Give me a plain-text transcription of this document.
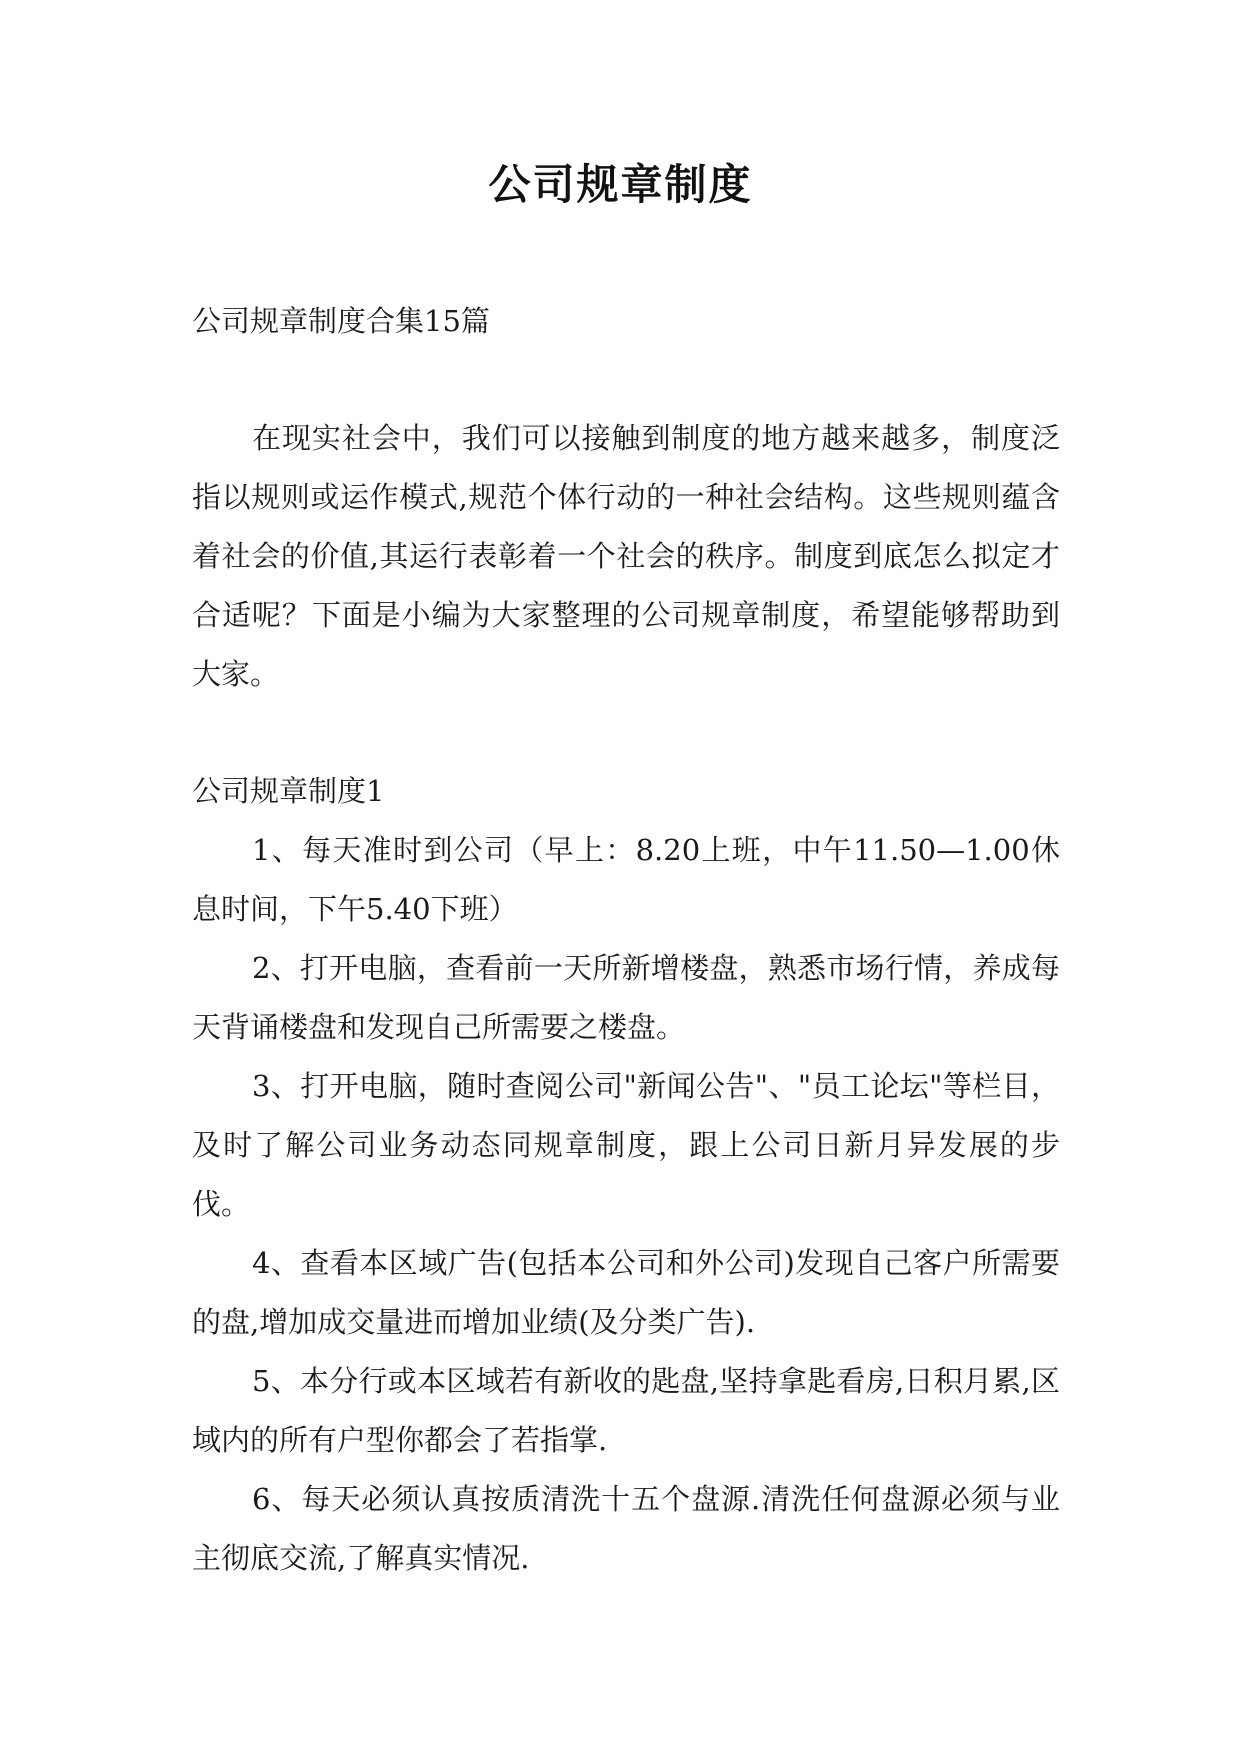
公司规章制度

公司规章制度合集15篇

在现实社会中，我们可以接触到制度的地方越来越多，制度泛指以规则或运作模式,规范个体行动的一种社会结构。这些规则蕴含着社会的价值,其运行表彰着一个社会的秩序。制度到底怎么拟定才合适呢？下面是小编为大家整理的公司规章制度，希望能够帮助到大家。

公司规章制度1

1、每天准时到公司（早上：8.20上班，中午11.50—1.00休息时间，下午5.40下班）

2、打开电脑，查看前一天所新增楼盘，熟悉市场行情，养成每天背诵楼盘和发现自己所需要之楼盘。

3、打开电脑，随时查阅公司"新闻公告"、"员工论坛"等栏目，及时了解公司业务动态同规章制度，跟上公司日新月异发展的步伐。

4、查看本区域广告(包括本公司和外公司)发现自己客户所需要的盘,增加成交量进而增加业绩(及分类广告).

5、本分行或本区域若有新收的匙盘,坚持拿匙看房,日积月累,区域内的所有户型你都会了若指掌.

6、每天必须认真按质清洗十五个盘源.清洗任何盘源必须与业主彻底交流,了解真实情况.
